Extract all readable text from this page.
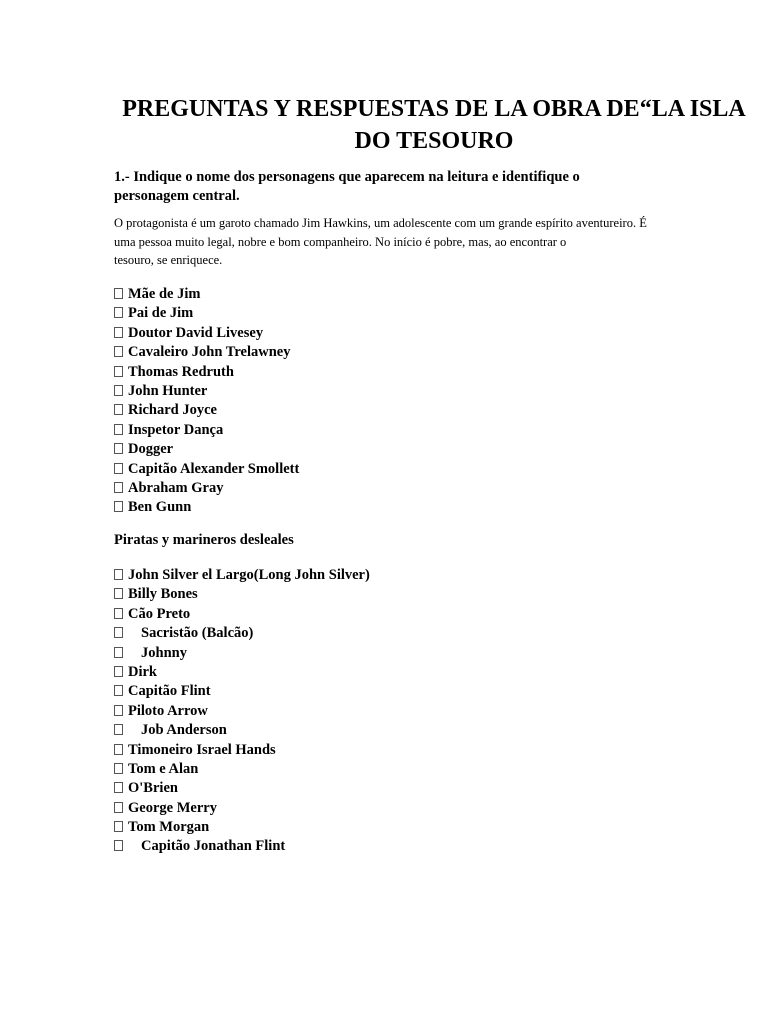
PREGUNTAS Y RESPUESTAS DE LA OBRA DE“LA ISLA
DO TESOURO

1.- Indique o nome dos personagens que aparecem na leitura e identifique o personagem central.

O protagonista é um garoto chamado Jim Hawkins, um adolescente com um grande espírito aventureiro. É
uma pessoa muito legal, nobre e bom companheiro. No início é pobre, mas, ao encontrar o
tesouro, se enriquece.

Mãe de Jim
Pai de Jim
Doutor David Livesey
Cavaleiro John Trelawney
Thomas Redruth
John Hunter
Richard Joyce
Inspetor Dança
Dogger
Capitão Alexander Smollett
Abraham Gray
Ben Gunn

Piratas y marineros desleales

John Silver el Largo(Long John Silver)
Billy Bones
Cão Preto
Sacristão (Balcão)
Johnny
Dirk
Capitão Flint
Piloto Arrow
Job Anderson
Timoneiro Israel Hands
Tom e Alan
O'Brien
George Merry
Tom Morgan
Capitão Jonathan Flint
